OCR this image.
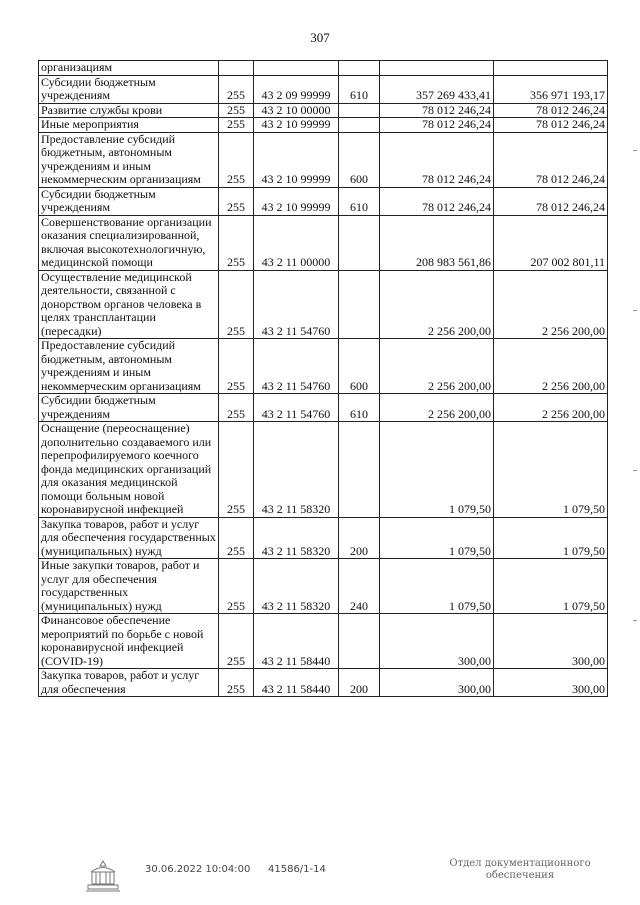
307
организациям					
Субсидии бюджетным учреждениям	255	43 2 09 99999	610	357 269 433,41	356 971 193,17
Развитие службы крови	255	43 2 10 00000		78 012 246,24	78 012 246,24
Иные мероприятия	255	43 2 10 99999		78 012 246,24	78 012 246,24
Предоставление субсидий бюджетным, автономным учреждениям и иным некоммерческим организациям	255	43 2 10 99999	600	78 012 246,24	78 012 246,24
Субсидии бюджетным учреждениям	255	43 2 10 99999	610	78 012 246,24	78 012 246,24
Совершенствование организации оказания специализированной, включая высокотехнологичную, медицинской помощи	255	43 2 11 00000		208 983 561,86	207 002 801,11
Осуществление медицинской деятельности, связанной с донорством органов человека в целях трансплантации (пересадки)	255	43 2 11 54760		2 256 200,00	2 256 200,00
Предоставление субсидий бюджетным, автономным учреждениям и иным некоммерческим организациям	255	43 2 11 54760	600	2 256 200,00	2 256 200,00
Субсидии бюджетным учреждениям	255	43 2 11 54760	610	2 256 200,00	2 256 200,00
Оснащение (переоснащение) дополнительно создаваемого или перепрофилируемого коечного фонда медицинских организаций для оказания медицинской помощи больным новой коронавирусной инфекцией	255	43 2 11 58320		1 079,50	1 079,50
Закупка товаров, работ и услуг для обеспечения государственных (муниципальных) нужд	255	43 2 11 58320	200	1 079,50	1 079,50
Иные закупки товаров, работ и услуг для обеспечения государственных (муниципальных) нужд	255	43 2 11 58320	240	1 079,50	1 079,50
Финансовое обеспечение мероприятий по борьбе с новой коронавирусной инфекцией (COVID-19)	255	43 2 11 58440		300,00	300,00
Закупка товаров, работ и услуг для обеспечения	255	43 2 11 58440	200	300,00	300,00
30.06.2022 10:04:00 41586/1-14
Отдел документационного
обеспечения
